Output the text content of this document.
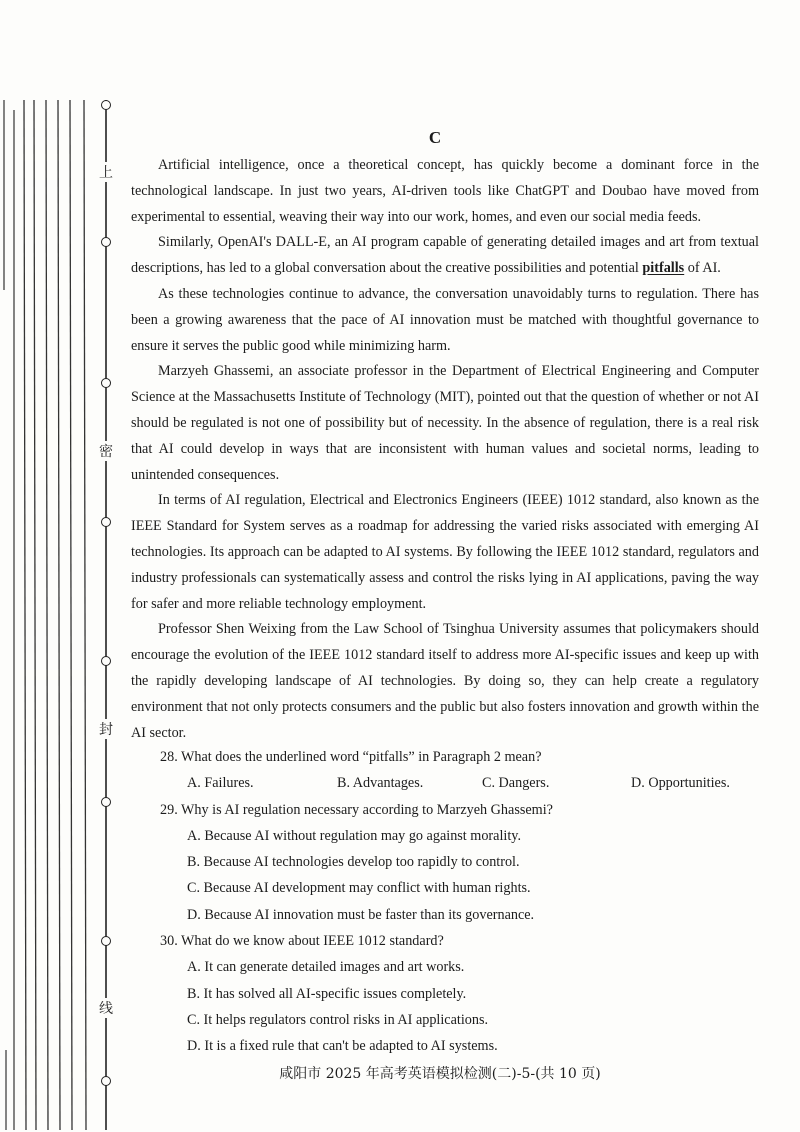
上
密
封
线
C

Artificial intelligence, once a theoretical concept, has quickly become a dominant force in the technological landscape. In just two years, AI-driven tools like ChatGPT and Doubao have moved from experimental to essential, weaving their way into our work, homes, and even our social media feeds.

Similarly, OpenAI's DALL-E, an AI program capable of generating detailed images and art from textual descriptions, has led to a global conversation about the creative possibilities and potential pitfalls of AI.

As these technologies continue to advance, the conversation unavoidably turns to regulation. There has been a growing awareness that the pace of AI innovation must be matched with thoughtful governance to ensure it serves the public good while minimizing harm.

Marzyeh Ghassemi, an associate professor in the Department of Electrical Engineering and Computer Science at the Massachusetts Institute of Technology (MIT), pointed out that the question of whether or not AI should be regulated is not one of possibility but of necessity. In the absence of regulation, there is a real risk that AI could develop in ways that are inconsistent with human values and societal norms, leading to unintended consequences.

In terms of AI regulation, Electrical and Electronics Engineers (IEEE) 1012 standard, also known as the IEEE Standard for System serves as a roadmap for addressing the varied risks associated with emerging AI technologies. Its approach can be adapted to AI systems. By following the IEEE 1012 standard, regulators and industry professionals can systematically assess and control the risks lying in AI applications, paving the way for safer and more reliable technology employment.

Professor Shen Weixing from the Law School of Tsinghua University assumes that policymakers should encourage the evolution of the IEEE 1012 standard itself to address more AI-specific issues and keep up with the rapidly developing landscape of AI technologies. By doing so, they can help create a regulatory environment that not only protects consumers and the public but also fosters innovation and growth within the AI sector.

28. What does the underlined word “pitfalls” in Paragraph 2 mean?

A. Failures.	B. Advantages.	C. Dangers.	D. Opportunities.

29. Why is AI regulation necessary according to Marzyeh Ghassemi?

A. Because AI without regulation may go against morality.

B. Because AI technologies develop too rapidly to control.

C. Because AI development may conflict with human rights.

D. Because AI innovation must be faster than its governance.

30. What do we know about IEEE 1012 standard?

A. It can generate detailed images and art works.

B. It has solved all AI-specific issues completely.

C. It helps regulators control risks in AI applications.

D. It is a fixed rule that can't be adapted to AI systems.

咸阳市 2025 年高考英语模拟检测(二)-5-(共 10 页)
